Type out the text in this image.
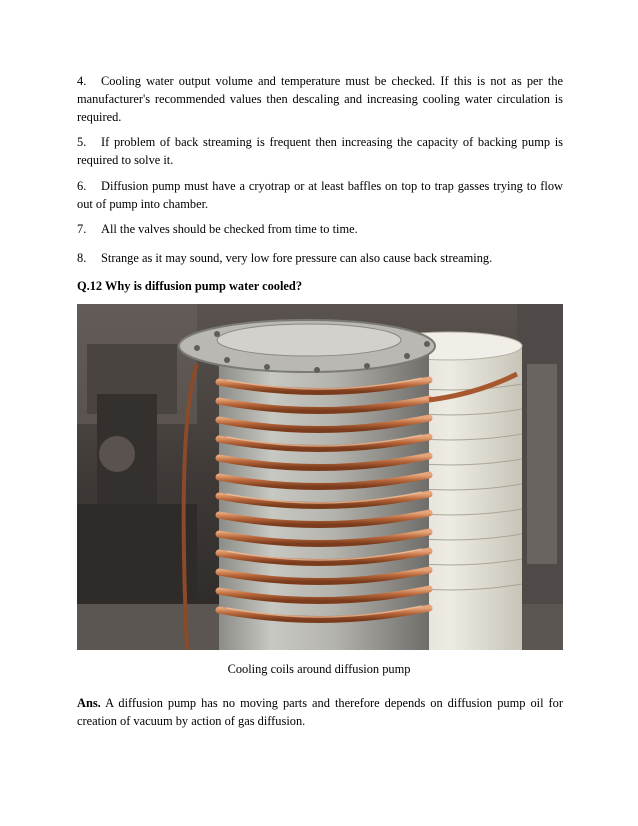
4. Cooling water output volume and temperature must be checked. If this is not as per the manufacturer's recommended values then descaling and increasing cooling water circulation is required.
5. If problem of back streaming is frequent then increasing the capacity of backing pump is required to solve it.
6. Diffusion pump must have a cryotrap or at least baffles on top to trap gasses trying to flow out of pump into chamber.
7. All the valves should be checked from time to time.
8. Strange as it may sound, very low fore pressure can also cause back streaming.
Q.12 Why is diffusion pump water cooled?
Cooling coils around diffusion pump
Ans. A diffusion pump has no moving parts and therefore depends on diffusion pump oil for creation of vacuum by action of gas diffusion.
